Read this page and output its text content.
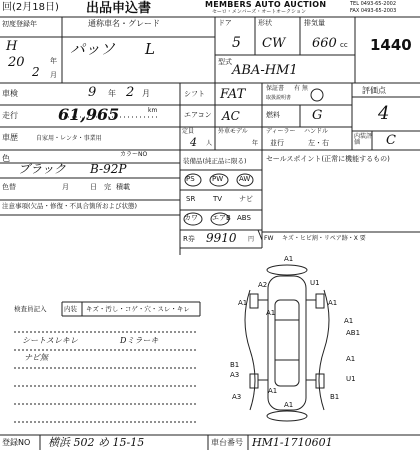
回(2月18日) 出品申込書	MEMBERS AUTO AUCTION
セーロ・メンバーズ・オートオークション
TEL 0493-65-2002
FAX 0493-65-2003
初度登録年
H
20	年
2 月
通称車名・グレード
パッソ L
ドア
5
形状
CW
排気量
660 cc
型式
ABA-HM1
1440
車検	9 年 2 月
走行	61,965	km
車歴	自家用・レンタ・事業用
シフト FAT	保証書 有 無
取扱説明書
評価点
4
エアコン AC	燃料 G
定員
4 人
外車モデル
年
ディーラー
並行
ハンドル
左・右
内装評価	C
色	カラーNO
ブラック B-92P
色替	月	日 完 積載
注意事項(欠品・修復・不具合箇所および状態)
装備品(純正品に限る)
PS PW AW
SR	TV ナビ
カワ エアB ABS
R券 9910 円
セールスポイント(正常に機能するもの)
FW キズ・ヒビ割・リペア跡・X 要
A1
A2	U1
A1	A1
A1
A1
AB1
B1
A3
A1
U1
A1
A3	B1
A1
検査員記入	内装 キズ・汚し・コゲ・穴・スレ・キレ
シートスレキレ	Dミラーキ
ナビ無
登録NO 横浜 502 め 15-15	車台番号 HM1-1710601
